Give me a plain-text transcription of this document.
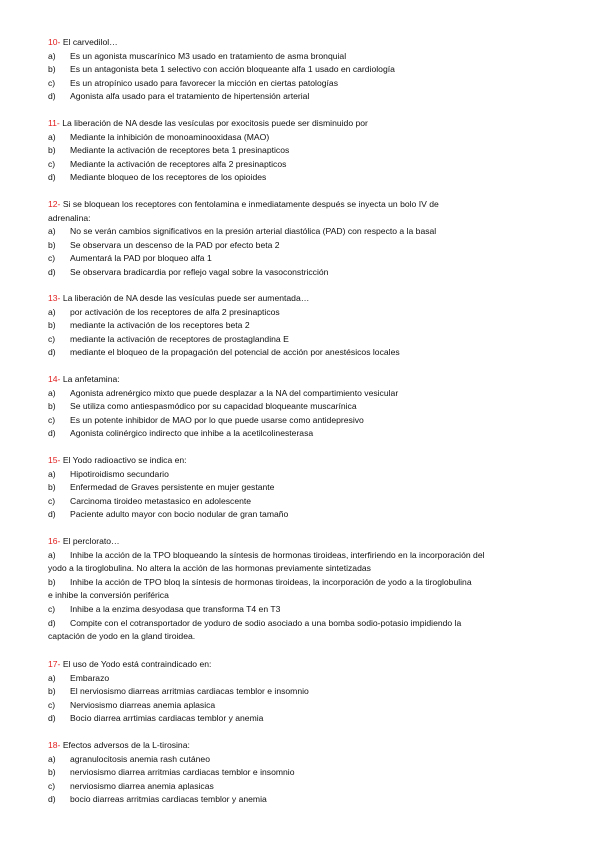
10- El carvedilol…
a)	Es un agonista muscarínico M3 usado en tratamiento de asma bronquial
b)	Es un antagonista beta 1 selectivo con acción bloqueante alfa 1 usado en cardiología
c)	Es un atropínico usado para favorecer la micción en ciertas patologías
d)	Agonista alfa usado para el tratamiento de hipertensión arterial
11- La liberación de NA desde las vesículas por exocitosis puede ser disminuido por
a)	Mediante la inhibición de monoaminooxidasa (MAO)
b)	Mediante la activación de receptores beta 1 presinapticos
c)	Mediante la activación de receptores alfa 2 presinapticos
d)	Mediante bloqueo de los receptores de los opioides
12- Si se bloquean los receptores con fentolamina e inmediatamente después se inyecta un bolo IV de
adrenalina:
a)	No se verán cambios significativos en la presión arterial diastólica (PAD) con respecto a la basal
b)	Se observara un descenso de la PAD por efecto beta 2
c)	Aumentará la PAD por bloqueo alfa 1
d)	Se observara bradicardia por reflejo vagal sobre la vasoconstricción
13- La liberación de NA desde las vesículas puede ser aumentada…
a)	por activación de los receptores de alfa 2 presinapticos
b)	mediante la activación de los receptores beta 2
c)	mediante la activación de receptores de prostaglandina E
d)	mediante el bloqueo de la propagación del potencial de acción por anestésicos locales
14- La anfetamina:
a)	Agonista adrenérgico mixto que puede desplazar a la NA del compartimiento vesicular
b)	Se utiliza como antiespasmódico por su capacidad bloqueante muscarínica
c)	Es un potente inhibidor de MAO por lo que puede usarse como antidepresivo
d)	Agonista colinérgico indirecto que inhibe a la acetilcolinesterasa
15- El Yodo radioactivo se indica en:
a)	Hipotiroidismo secundario
b)	Enfermedad de Graves persistente en mujer gestante
c)	Carcinoma tiroideo metastasico en adolescente
d)	Paciente adulto mayor con bocio nodular de gran tamaño
16- El perclorato…
a)	Inhibe la acción de la TPO bloqueando la síntesis de hormonas tiroideas, interfiriendo en la incorporación del
yodo a la tiroglobulina. No altera la acción de las hormonas previamente sintetizadas
b)	Inhibe la acción de TPO bloq la síntesis de hormonas tiroideas, la incorporación de yodo a la tiroglobulina
e inhibe la conversión periférica
c)	Inhibe a la enzima desyodasa que transforma T4 en T3
d)	Compite con el cotransportador de yoduro de sodio asociado a una bomba sodio-potasio impidiendo la
captación de yodo en la gland tiroidea.
17- El uso de Yodo está contraindicado en:
a)	Embarazo
b)	El nerviosismo diarreas arritmias cardiacas temblor e insomnio
c)	Nerviosismo diarreas anemia aplasica
d)	Bocio diarrea arrtimias cardiacas temblor y anemia
18- Efectos adversos de la L-tirosina:
a)	agranulocitosis anemia rash cutáneo
b)	nerviosismo diarrea arritmias cardiacas temblor e insomnio
c)	nerviosismo diarrea anemia aplasicas
d)	bocio diarreas arritmias cardiacas temblor y anemia
